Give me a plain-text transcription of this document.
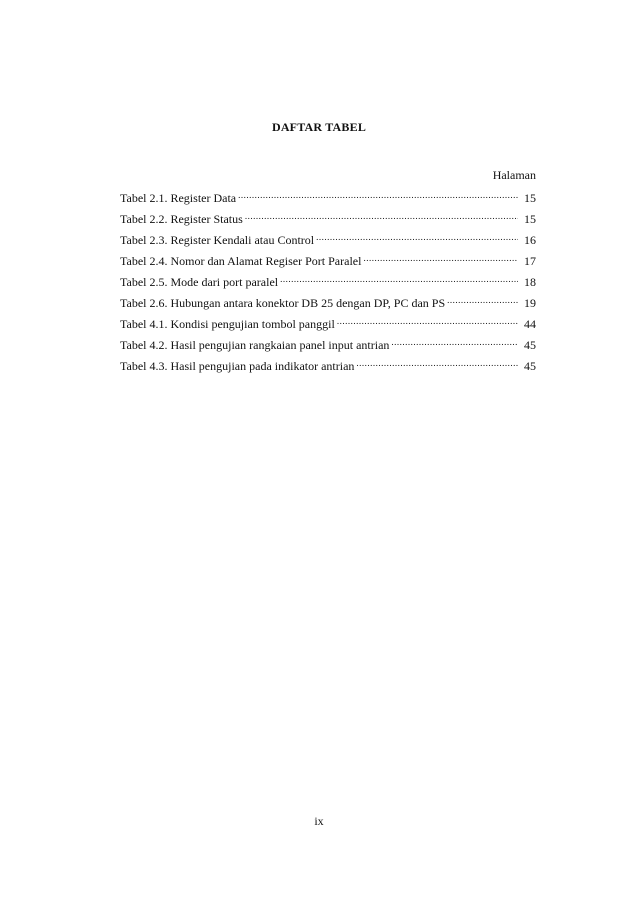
DAFTAR TABEL
Halaman
Tabel 2.1. Register Data .....	15
Tabel 2.2. Register Status .....	15
Tabel 2.3. Register Kendali atau Control .....	16
Tabel 2.4. Nomor dan Alamat Regiser Port Paralel .....	17
Tabel 2.5. Mode dari port paralel .....	18
Tabel 2.6. Hubungan antara konektor DB 25 dengan DP, PC dan PS .....	19
Tabel 4.1. Kondisi pengujian tombol panggil .....	44
Tabel 4.2. Hasil pengujian rangkaian panel input antrian .....	45
Tabel 4.3. Hasil pengujian pada indikator antrian .....	45
ix
